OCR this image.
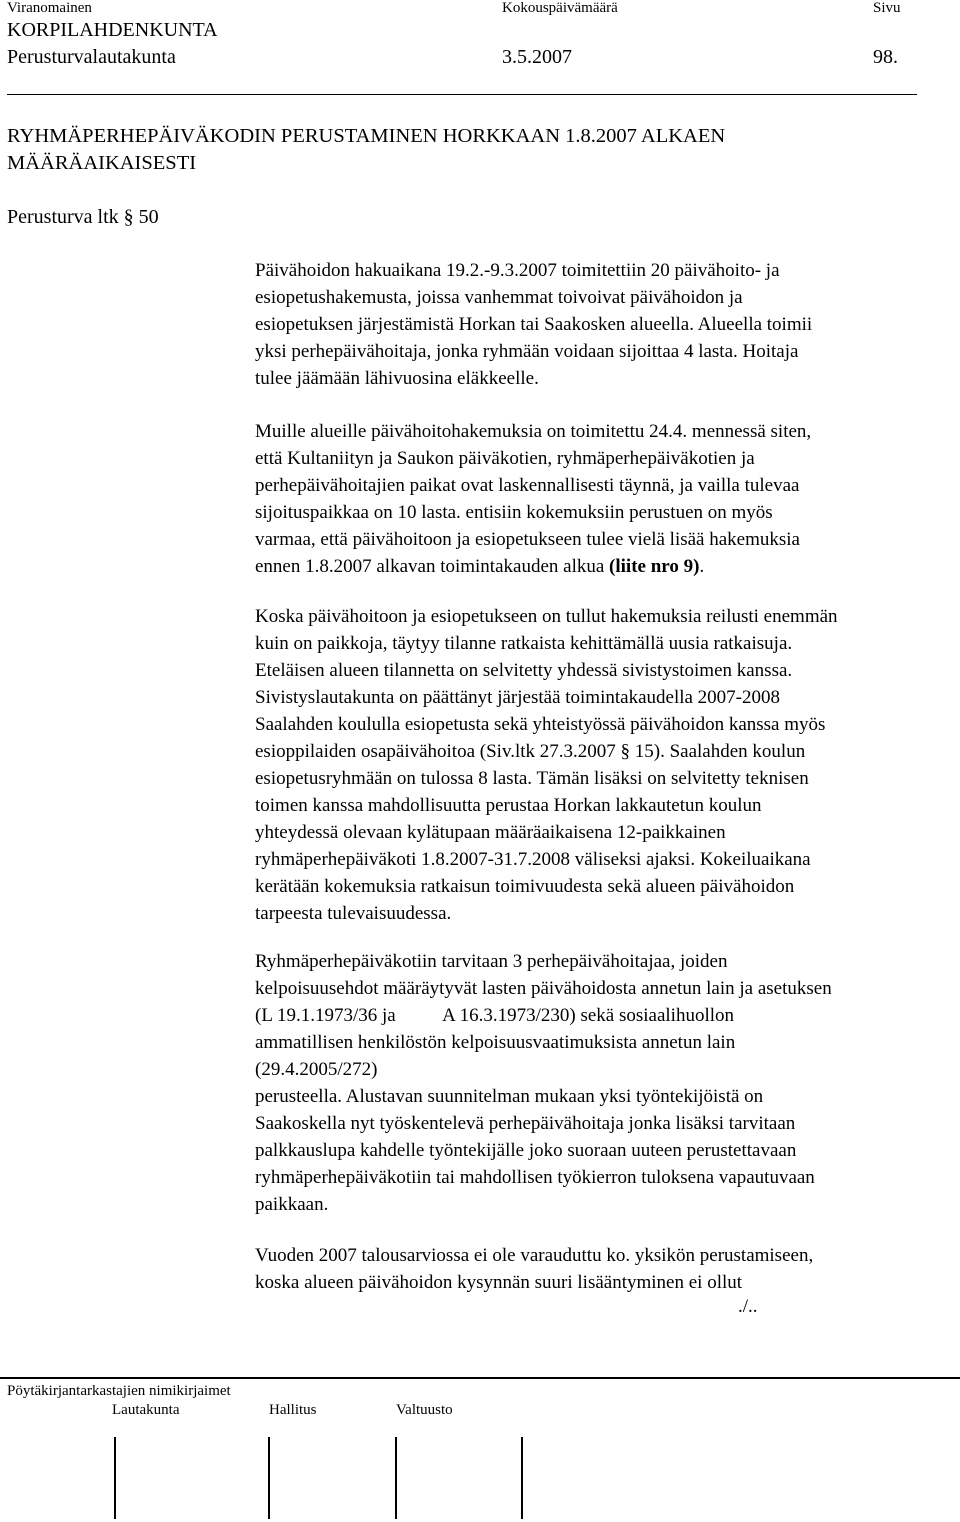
Viranomainen	Kokouspäivämäärä	Sivu
KORPILAHDENKUNTA
Perusturvalautakunta	3.5.2007	98.
RYHMÄPERHEPÄIVÄKODIN PERUSTAMINEN HORKKAAN 1.8.2007 ALKAEN
MÄÄRÄAIKAISESTI
Perusturva ltk § 50

Päivähoidon hakuaikana 19.2.-9.3.2007 toimitettiin 20 päivähoito- ja

esiopetushakemusta, joissa vanhemmat toivoivat päivähoidon ja

esiopetuksen järjestämistä Horkan tai Saakosken alueella. Alueella toimii

yksi perhepäivähoitaja, jonka ryhmään voidaan sijoittaa 4 lasta. Hoitaja

tulee jäämään lähivuosina eläkkeelle.

Muille alueille päivähoitohakemuksia on toimitettu 24.4. mennessä siten,

että Kultaniityn ja Saukon päiväkotien, ryhmäperhepäiväkotien ja

perhepäivähoitajien paikat ovat laskennallisesti täynnä, ja vailla tulevaa

sijoituspaikkaa on 10 lasta. entisiin kokemuksiin perustuen on myös

varmaa, että päivähoitoon ja esiopetukseen tulee vielä lisää hakemuksia

ennen 1.8.2007 alkavan toimintakauden alkua (liite nro 9).

Koska päivähoitoon ja esiopetukseen on tullut hakemuksia reilusti enemmän

kuin on paikkoja, täytyy tilanne ratkaista kehittämällä uusia ratkaisuja.

Eteläisen alueen tilannetta on selvitetty yhdessä sivistystoimen kanssa.

Sivistyslautakunta on päättänyt järjestää toimintakaudella 2007-2008

Saalahden koululla esiopetusta sekä yhteistyössä päivähoidon kanssa myös

esioppilaiden osapäivähoitoa (Siv.ltk 27.3.2007 § 15). Saalahden koulun

esiopetusryhmään on tulossa 8 lasta. Tämän lisäksi on selvitetty teknisen

toimen kanssa mahdollisuutta perustaa Horkan lakkautetun koulun

yhteydessä olevaan kylätupaan määräaikaisena 12-paikkainen

ryhmäperhepäiväkoti 1.8.2007-31.7.2008 väliseksi ajaksi. Kokeiluaikana

kerätään kokemuksia ratkaisun toimivuudesta sekä alueen päivähoidon

tarpeesta tulevaisuudessa.

Ryhmäperhepäiväkotiin tarvitaan 3 perhepäivähoitajaa, joiden

kelpoisuusehdot määräytyvät lasten päivähoidosta annetun lain ja asetuksen

(L 19.1.1973/36 ja          A 16.3.1973/230) sekä sosiaalihuollon

ammatillisen henkilöstön kelpoisuusvaatimuksista annetun lain

(29.4.2005/272)

perusteella. Alustavan suunnitelman mukaan yksi työntekijöistä on

Saakoskella nyt työskentelevä perhepäivähoitaja jonka lisäksi tarvitaan

palkkauslupa kahdelle työntekijälle joko suoraan uuteen perustettavaan

ryhmäperhepäiväkotiin tai mahdollisen työkierron tuloksena vapautuvaan

paikkaan.

Vuoden 2007 talousarviossa ei ole varauduttu ko. yksikön perustamiseen,

koska alueen päivähoidon kysynnän suuri lisääntyminen ei ollut

./..
Pöytäkirjantarkastajien nimikirjaimet
Lautakunta	Hallitus	Valtuusto
